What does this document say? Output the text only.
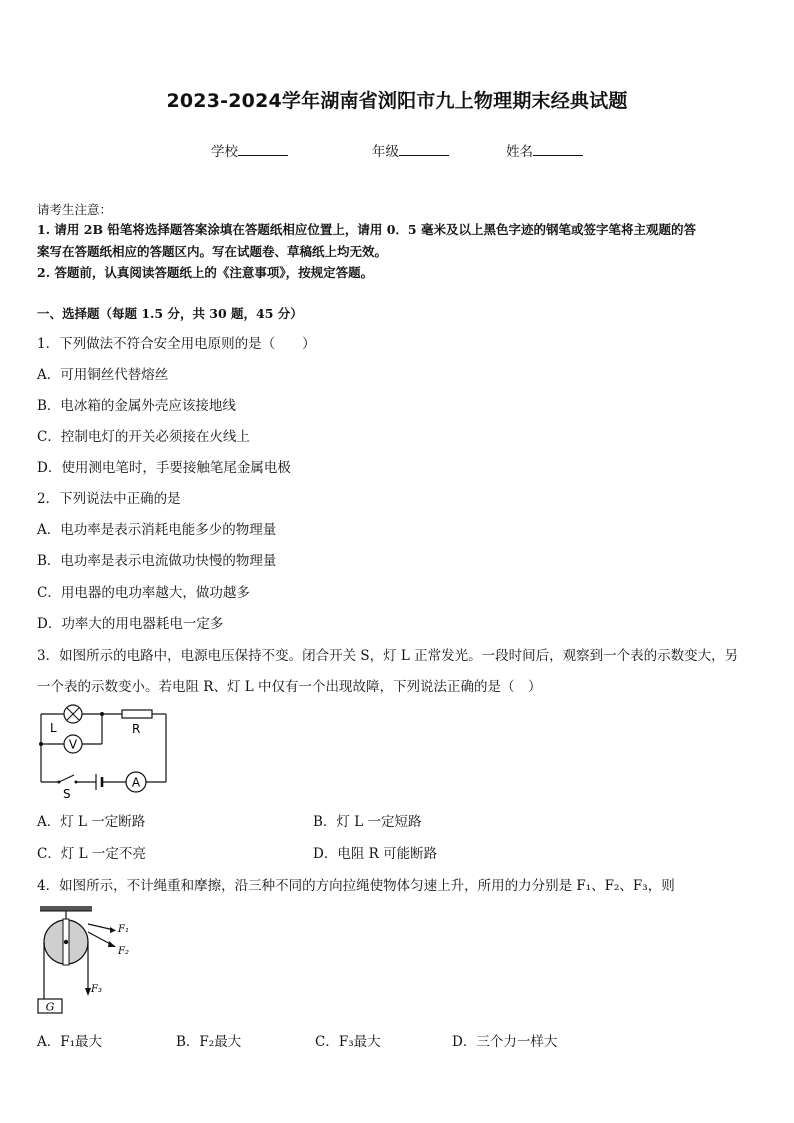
2023-2024学年湖南省浏阳市九上物理期末经典试题
学校	年级	姓名
请考生注意：
1. 请用 2B 铅笔将选择题答案涂填在答题纸相应位置上，请用 0．5 毫米及以上黑色字迹的钢笔或签字笔将主观题的答
案写在答题纸相应的答题区内。写在试题卷、草稿纸上均无效。
2. 答题前，认真阅读答题纸上的《注意事项》，按规定答题。
一、选择题（每题 1.5 分，共 30 题，45 分）
1．下列做法不符合安全用电原则的是（　　）
A．可用铜丝代替熔丝
B．电冰箱的金属外壳应该接地线
C．控制电灯的开关必须接在火线上
D．使用测电笔时，手要接触笔尾金属电极
2．下列说法中正确的是
A．电功率是表示消耗电能多少的物理量
B．电功率是表示电流做功快慢的物理量
C．用电器的电功率越大，做功越多
D．功率大的用电器耗电一定多
3．如图所示的电路中，电源电压保持不变。闭合开关 S，灯 L 正常发光。一段时间后，观察到一个表的示数变大，另
一个表的示数变小。若电阻 R、灯 L 中仅有一个出现故障，下列说法正确的是（　）
V
A
L	R
S
A．灯 L 一定断路	B．灯 L 一定短路
C．灯 L 一定不亮	D．电阻 R 可能断路
4．如图所示，不计绳重和摩擦，沿三种不同的方向拉绳使物体匀速上升，所用的力分别是 F₁、F₂、F₃，则
G
F₁
F₂
F₃
A．F₁最大	B．F₂最大	C．F₃最大	D．三个力一样大
